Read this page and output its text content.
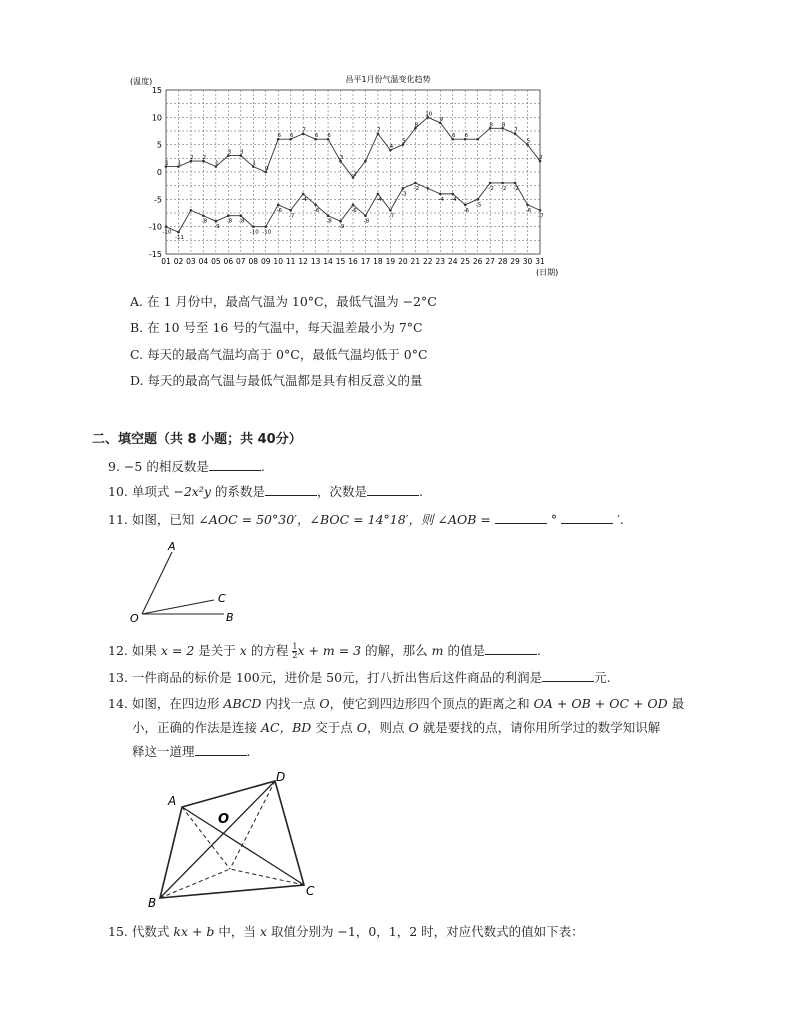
昌平1月份气温变化趋势
(温度)
(日期)
15
10
5
0
-5
-10
-15
01 02 03 04 05 06 07 08 09 10 11 12 13 14 15 16 17 18 19 20 21 22 23 24 25 26 27 28 29 30 31
1 1
2 2
1
3 3
1
0
6 6
7
6 6
3
-2
7
4
5
8
10
9
6 6
8 8
7
5
2
-10
-11
-8
-9
-8 -8
-10 -10
-6
-7
-4
-6
-8
-9
-6
-8
-4
-7
-3
-2
-4 -4
-6
-5
-2 -2 -2
-6
-7
A. 在 1 月份中，最高气温为 10°C，最低气温为 −2°C
B. 在 10 号至 16 号的气温中，每天温差最小为 7°C
C. 每天的最高气温均高于 0°C，最低气温均低于 0°C
D. 每天的最高气温与最低气温都是具有相反意义的量
二、填空题（共 8 小题；共 40分）
9. −5 的相反数是	.
10. 单项式 −2x²y 的系数是	，次数是	.
11. 如图，已知 ∠AOC = 50°30′，∠BOC = 14°18′，则 ∠AOB =	°	′.
A
C
O	B
12. 如果 x = 2 是关于 x 的方程 $\frac{1}{2}$ x + m = 3 的解，那么 m 的值是	.
13. 一件商品的标价是 100元，进价是 50元，打八折出售后这件商品的利润是	元.
14. 如图，在四边形 ABCD 内找一点 O，使它到四边形四个顶点的距离之和 OA + OB + OC + OD 最
小，正确的作法是连接 AC，BD 交于点 O，则点 O 就是要找的点，请你用所学过的数学知识解
释这一道理	.
A
D
O
B
C
15. 代数式 kx + b 中，当 x 取值分别为 −1，0，1，2 时，对应代数式的值如下表：
